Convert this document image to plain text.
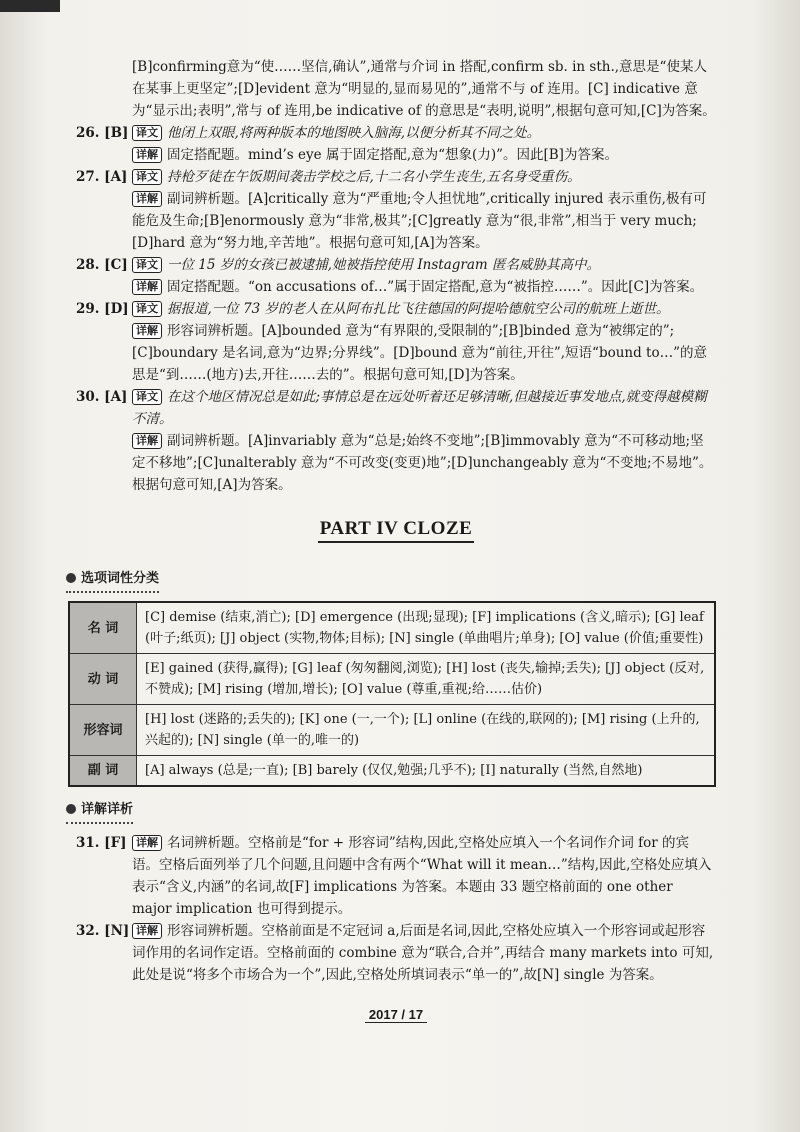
[B]confirming意为“使……坚信,确认”,通常与介词 in 搭配,confirm sb. in sth.,意思是“使某人在某事上更坚定”;[D]evident 意为“明显的,显而易见的”,通常不与 of 连用。[C] indicative 意为“显示出;表明”,常与 of 连用,be indicative of 的意思是“表明,说明”,根据句意可知,[C]为答案。

26. [B] 译文 他闭上双眼,将两种版本的地图映入脑海,以便分析其不同之处。

详解 固定搭配题。mind’s eye 属于固定搭配,意为“想象(力)”。因此[B]为答案。

27. [A] 译文 持枪歹徒在午饭期间袭击学校之后,十二名小学生丧生,五名身受重伤。

详解 副词辨析题。[A]critically 意为“严重地;令人担忧地”,critically injured 表示重伤,极有可能危及生命;[B]enormously 意为“非常,极其”;[C]greatly 意为“很,非常”,相当于 very much;[D]hard 意为“努力地,辛苦地”。根据句意可知,[A]为答案。

28. [C] 译文 一位 15 岁的女孩已被逮捕,她被指控使用 Instagram 匿名威胁其高中。

详解 固定搭配题。“on accusations of…”属于固定搭配,意为“被指控……”。因此[C]为答案。

29. [D] 译文 据报道,一位 73 岁的老人在从阿布扎比飞往德国的阿提哈德航空公司的航班上逝世。

详解 形容词辨析题。[A]bounded 意为“有界限的,受限制的”;[B]binded 意为“被绑定的”;[C]boundary 是名词,意为“边界;分界线”。[D]bound 意为“前往,开往”,短语“bound to…”的意思是“到……(地方)去,开往……去的”。根据句意可知,[D]为答案。

30. [A] 译文 在这个地区情况总是如此;事情总是在远处听着还足够清晰,但越接近事发地点,就变得越模糊不清。

详解 副词辨析题。[A]invariably 意为“总是;始终不变地”;[B]immovably 意为“不可移动地;坚定不移地”;[C]unalterably 意为“不可改变(变更)地”;[D]unchangeably 意为“不变地;不易地”。根据句意可知,[A]为答案。

PART IV CLOZE
选项词性分类
名 词	[C] demise (结束,消亡); [D] emergence (出现;显现); [F] implications (含义,暗示); [G] leaf (叶子;纸页); [J] object (实物,物体;目标); [N] single (单曲唱片;单身); [O] value (价值;重要性)
动 词	[E] gained (获得,赢得); [G] leaf (匆匆翻阅,浏览); [H] lost (丧失,输掉;丢失); [J] object (反对,不赞成); [M] rising (增加,增长); [O] value (尊重,重视;给……估价)
形容词	[H] lost (迷路的;丢失的); [K] one (一,一个); [L] online (在线的,联网的); [M] rising (上升的,兴起的); [N] single (单一的,唯一的)
副 词	[A] always (总是;一直); [B] barely (仅仅,勉强;几乎不); [I] naturally (当然,自然地)
详解详析
31. [F] 详解 名词辨析题。空格前是“for + 形容词”结构,因此,空格处应填入一个名词作介词 for 的宾语。空格后面列举了几个问题,且问题中含有两个“What will it mean…”结构,因此,空格处应填入表示“含义,内涵”的名词,故[F] implications 为答案。本题由 33 题空格前面的 one other major implication 也可得到提示。

32. [N] 详解 形容词辨析题。空格前面是不定冠词 a,后面是名词,因此,空格处应填入一个形容词或起形容词作用的名词作定语。空格前面的 combine 意为“联合,合并”,再结合 many markets into 可知,此处是说“将多个市场合为一个”,因此,空格处所填词表示“单一的”,故[N] single 为答案。

2017 / 17
